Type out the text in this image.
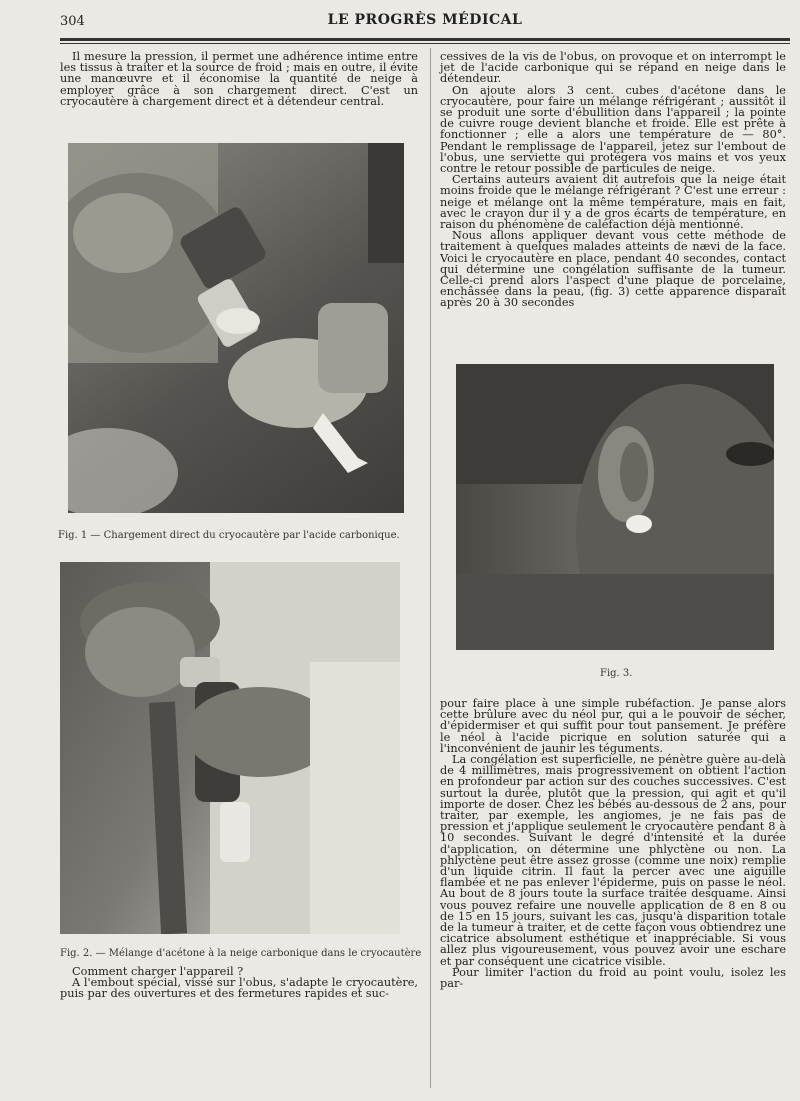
304	LE PROGRÈS MÉDICAL

Il mesure la pression, il permet une adhérence intime entre les tissus à traiter et la source de froid ; mais en outre, il évite une manœuvre et il économise la quantité de neige à employer grâce à son chargement direct. C'est un cryocautère à chargement direct et à détendeur central.

Fig. 1 — Chargement direct du cryocautère par l'acide carbonique.
Fig. 2. — Mélange d'acétone à la neige carbonique dans le cryocautère

Comment charger l'appareil ?

A l'embout spécial, vissé sur l'obus, s'adapte le cryocautère, puis par des ouvertures et des fermetures rapides et suc-

cessives de la vis de l'obus, on provoque et on interrompt le jet de l'acide carbonique qui se répand en neige dans le détendeur.

On ajoute alors 3 cent. cubes d'acétone dans le cryocautère, pour faire un mélange réfrigérant ; aussitôt il se produit une sorte d'ébullition dans l'appareil ; la pointe de cuivre rouge devient blanche et froide. Elle est prête à fonctionner ; elle a alors une température de — 80°. Pendant le remplissage de l'appareil, jetez sur l'embout de l'obus, une serviette qui protégera vos mains et vos yeux contre le retour possible de particules de neige.

Certains auteurs avaient dit autrefois que la neige était moins froide que le mélange réfrigérant ? C'est une erreur : neige et mélange ont la même température, mais en fait, avec le crayon dur il y a de gros écarts de température, en raison du phénomène de caléfaction déjà mentionné.

Nous allons appliquer devant vous cette méthode de traitement à quelques malades atteints de nævi de la face. Voici le cryocautère en place, pendant 40 secondes, contact qui détermine une congélation suffisante de la tumeur. Celle-ci prend alors l'aspect d'une plaque de porcelaine, enchâssée dans la peau, (fig. 3) cette apparence disparaît après 20 à 30 secondes

Fig. 3.

pour faire place à une simple rubéfaction. Je panse alors cette brûlure avec du néol pur, qui a le pouvoir de sécher, d'épidermiser et qui suffit pour tout pansement. Je préfère le néol à l'acide picrique en solution saturée qui a l'inconvénient de jaunir les téguments.

La congélation est superficielle, ne pénètre guère au-delà de 4 millimètres, mais progressivement on obtient l'action en profondeur par action sur des couches successives. C'est surtout la durée, plutôt que la pression, qui agit et qu'il importe de doser. Chez les bébés au-dessous de 2 ans, pour traiter, par exemple, les angiomes, je ne fais pas de pression et j'applique seulement le cryocautère pendant 8 à 10 secondes. Suivant le degré d'intensité et la durée d'application, on détermine une phlyctène ou non. La phlyctène peut être assez grosse (comme une noix) remplie d'un liquide citrin. Il faut la percer avec une aiguille flambée et ne pas enlever l'épiderme, puis on passe le néol. Au bout de 8 jours toute la surface traitée desquame. Ainsi vous pouvez refaire une nouvelle application de 8 en 8 ou de 15 en 15 jours, suivant les cas, jusqu'à disparition totale de la tumeur à traiter, et de cette façon vous obtiendrez une cicatrice absolument esthétique et inappréciable. Si vous allez plus vigoureusement, vous pouvez avoir une eschare et par conséquent une cicatrice visible.

Pour limiter l'action du froid au point voulu, isolez les par-
